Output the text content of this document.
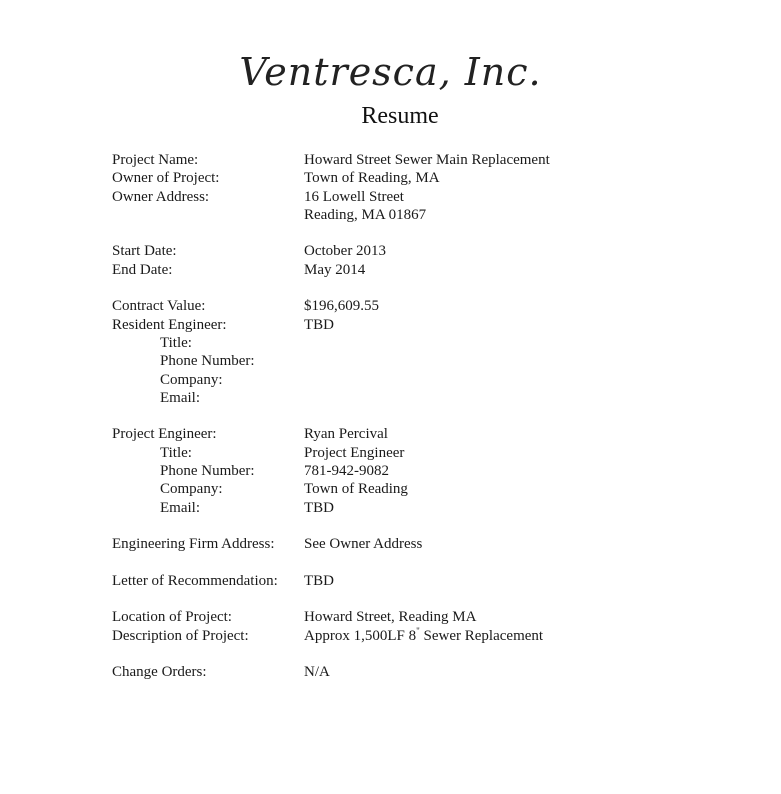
Ventresca, Inc.
Resume
Project Name:	Howard Street Sewer Main Replacement
Owner of Project:	Town of Reading, MA
Owner Address:	16 Lowell Street
Reading, MA 01867
Start Date:	October 2013
End Date:	May 2014
Contract Value:	$196,609.55
Resident Engineer:	TBD
Title:
Phone Number:
Company:
Email:
Project Engineer:	Ryan Percival
Title:	Project Engineer
Phone Number:	781-942-9082
Company:	Town of Reading
Email:	TBD
Engineering Firm Address: See Owner Address
Letter of Recommendation: TBD
Location of Project:	Howard Street, Reading MA
Description of Project:	Approx 1,500LF 8" Sewer Replacement
Change Orders:	N/A
